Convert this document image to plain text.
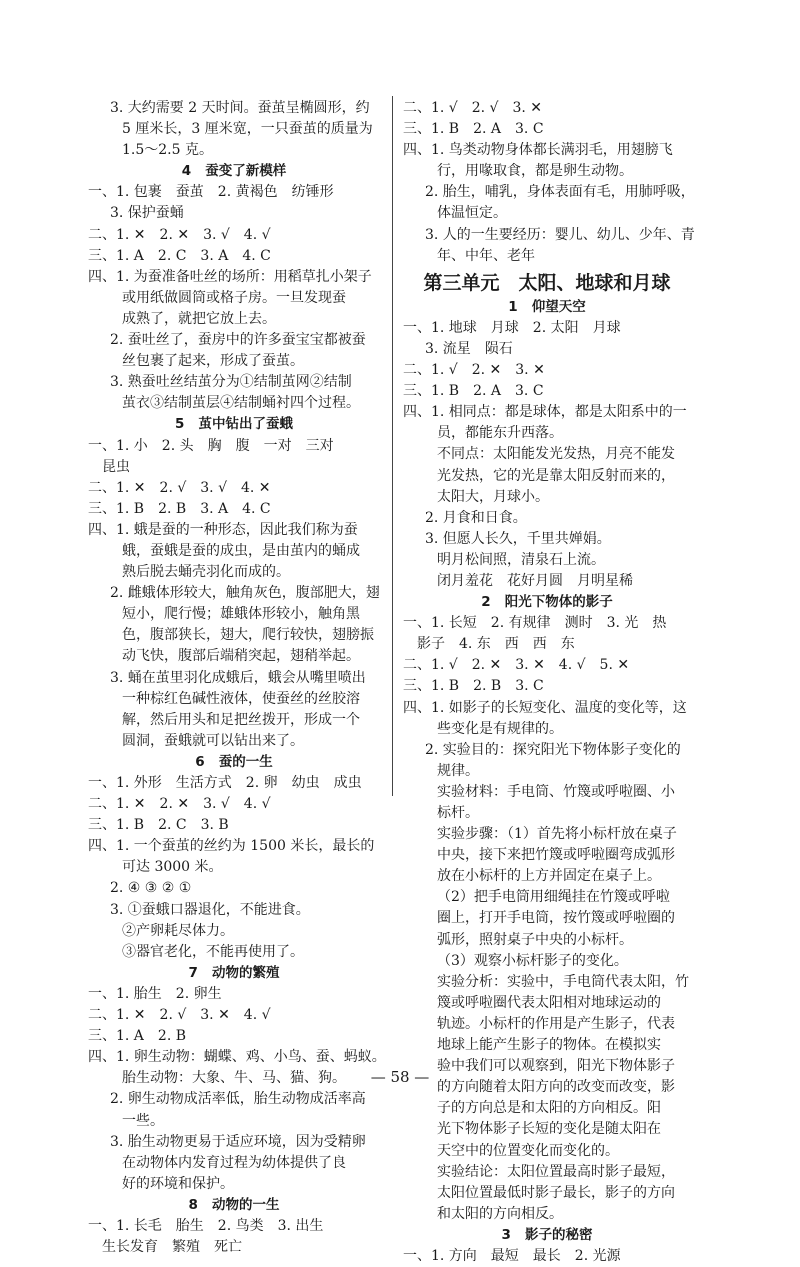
3. 大约需要 2 天时间。蚕茧呈椭圆形，约
5 厘米长，3 厘米宽，一只蚕茧的质量为
1.5～2.5 克。
4 蚕变了新模样
一、1. 包裹　蚕茧　2. 黄褐色　纺锤形
3. 保护蚕蛹
二、1. ✕　2. ✕　3. √　4. √
三、1. A　2. C　3. A　4. C
四、1. 为蚕准备吐丝的场所：用稻草扎小架子
或用纸做圆筒或格子房。一旦发现蚕
成熟了，就把它放上去。
2. 蚕吐丝了，蚕房中的许多蚕宝宝都被蚕
丝包裹了起来，形成了蚕茧。
3. 熟蚕吐丝结茧分为①结制茧网②结制
茧衣③结制茧层④结制蛹衬四个过程。
5 茧中钻出了蚕蛾
一、1. 小　2. 头　胸　腹　一对　三对
昆虫
二、1. ✕　2. √　3. √　4. ✕
三、1. B　2. B　3. A　4. C
四、1. 蛾是蚕的一种形态，因此我们称为蚕
蛾，蚕蛾是蚕的成虫，是由茧内的蛹成
熟后脱去蛹壳羽化而成的。
2. 雌蛾体形较大，触角灰色，腹部肥大，翅
短小，爬行慢；雄蛾体形较小，触角黑
色，腹部狭长，翅大，爬行较快，翅膀振
动飞快，腹部后端稍突起，翅稍举起。
3. 蛹在茧里羽化成蛾后，蛾会从嘴里喷出
一种棕红色碱性液体，使蚕丝的丝胶溶
解，然后用头和足把丝拨开，形成一个
圆洞，蚕蛾就可以钻出来了。
6 蚕的一生
一、1. 外形　生活方式　2. 卵　幼虫　成虫
二、1. ✕　2. ✕　3. √　4. √
三、1. B　2. C　3. B
四、1. 一个蚕茧的丝约为 1500 米长，最长的
可达 3000 米。
2. ④ ③ ② ①
3. ①蚕蛾口器退化，不能进食。
②产卵耗尽体力。
③器官老化，不能再使用了。
7 动物的繁殖
一、1. 胎生　2. 卵生
二、1. ✕　2. √　3. ✕　4. √
三、1. A　2. B
四、1. 卵生动物：蝴蝶、鸡、小鸟、蚕、蚂蚁。
胎生动物：大象、牛、马、猫、狗。
2. 卵生动物成活率低，胎生动物成活率高
一些。
3. 胎生动物更易于适应环境，因为受精卵
在动物体内发育过程为幼体提供了良
好的环境和保护。
8 动物的一生
一、1. 长毛　胎生　2. 鸟类　3. 出生
生长发育　繁殖　死亡
二、1. √　2. √　3. ✕
三、1. B　2. A　3. C
四、1. 鸟类动物身体都长满羽毛，用翅膀飞
行，用喙取食，都是卵生动物。
2. 胎生，哺乳，身体表面有毛，用肺呼吸，
体温恒定。
3. 人的一生要经历：婴儿、幼儿、少年、青
年、中年、老年
第三单元　太阳、地球和月球
1 仰望天空
一、1. 地球　月球　2. 太阳　月球
3. 流星　陨石
二、1. √　2. ✕　3. ✕
三、1. B　2. A　3. C
四、1. 相同点：都是球体，都是太阳系中的一
员，都能东升西落。
不同点：太阳能发光发热，月亮不能发
光发热，它的光是靠太阳反射而来的，
太阳大，月球小。
2. 月食和日食。
3. 但愿人长久，千里共婵娟。
明月松间照，清泉石上流。
闭月羞花　花好月圆　月明星稀
2 阳光下物体的影子
一、1. 长短　2. 有规律　测时　3. 光　热
影子　4. 东　西　西　东
二、1. √　2. ✕　3. ✕　4. √　5. ✕
三、1. B　2. B　3. C
四、1. 如影子的长短变化、温度的变化等，这
些变化是有规律的。
2. 实验目的：探究阳光下物体影子变化的
规律。
实验材料：手电筒、竹篾或呼啦圈、小
标杆。
实验步骤：（1）首先将小标杆放在桌子
中央，接下来把竹篾或呼啦圈弯成弧形
放在小标杆的上方并固定在桌子上。
（2）把手电筒用细绳挂在竹篾或呼啦
圈上，打开手电筒，按竹篾或呼啦圈的
弧形，照射桌子中央的小标杆。
（3）观察小标杆影子的变化。
实验分析：实验中，手电筒代表太阳，竹
篾或呼啦圈代表太阳相对地球运动的
轨迹。小标杆的作用是产生影子，代表
地球上能产生影子的物体。在模拟实
验中我们可以观察到，阳光下物体影子
的方向随着太阳方向的改变而改变，影
子的方向总是和太阳的方向相反。阳
光下物体影子长短的变化是随太阳在
天空中的位置变化而变化的。
实验结论：太阳位置最高时影子最短，
太阳位置最低时影子最长，影子的方向
和太阳的方向相反。
3 影子的秘密
一、1. 方向　最短　最长　2. 光源
— 58 —
